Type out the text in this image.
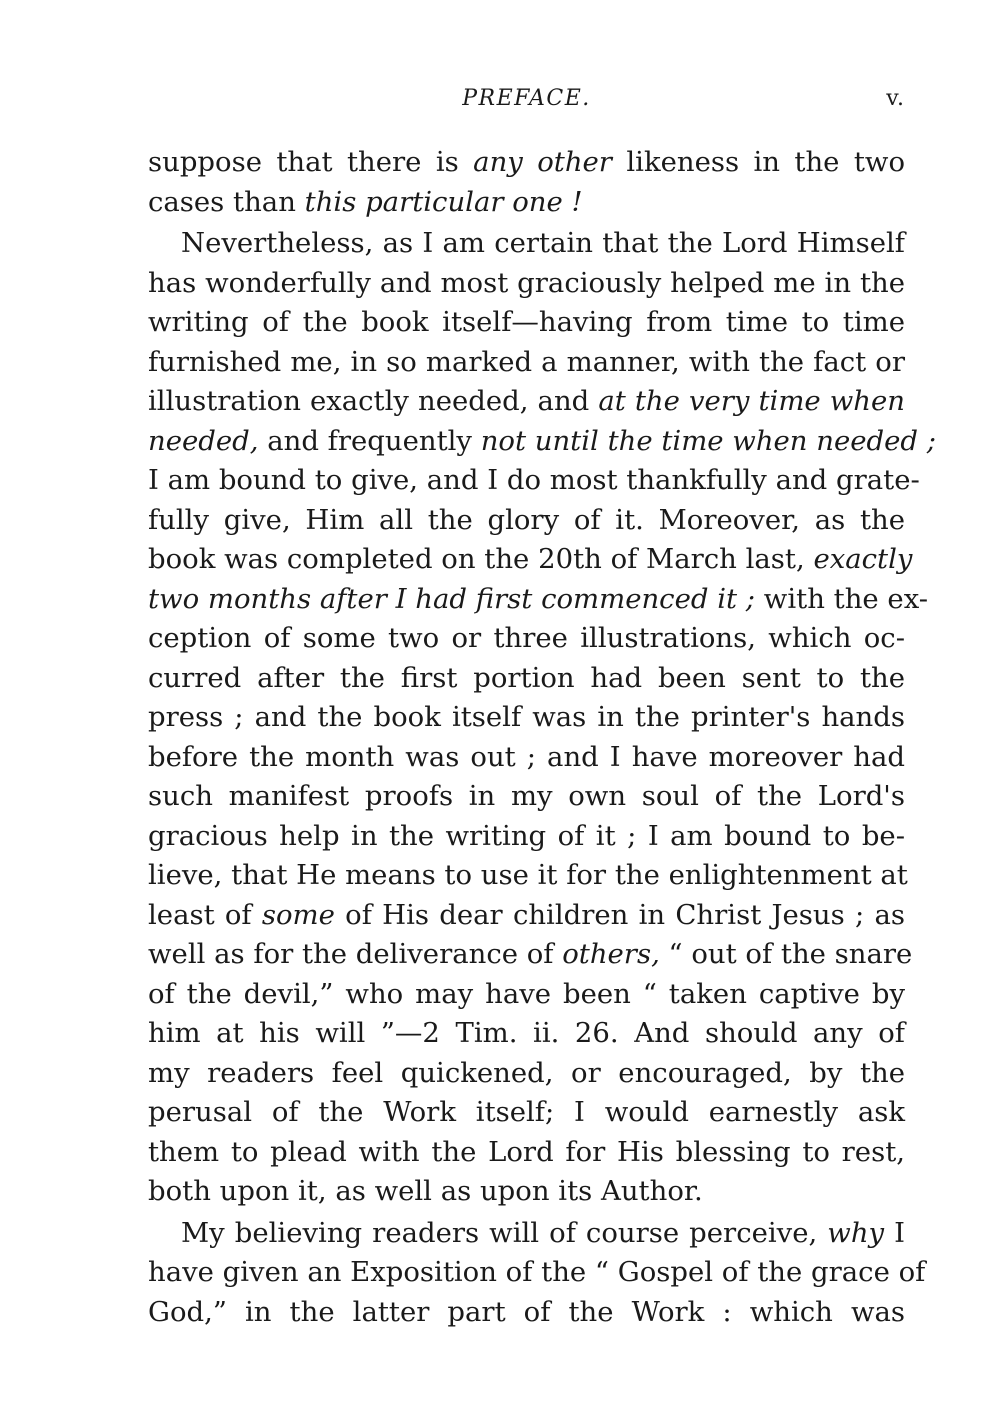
PREFACE.	v.
suppose that there is any other likeness in the two
cases than this particular one !
Nevertheless, as I am certain that the Lord Himself
has wonderfully and most graciously helped me in the
writing of the book itself—having from time to time
furnished me, in so marked a manner, with the fact or
illustration exactly needed, and at the very time when
needed, and frequently not until the time when needed ;
I am bound to give, and I do most thankfully and grate-
fully give, Him all the glory of it. Moreover, as the
book was completed on the 20th of March last, exactly
two months after I had first commenced it ; with the ex-
ception of some two or three illustrations, which oc-
curred after the first portion had been sent to the
press ; and the book itself was in the printer's hands
before the month was out ; and I have moreover had
such manifest proofs in my own soul of the Lord's
gracious help in the writing of it ; I am bound to be-
lieve, that He means to use it for the enlightenment at
least of some of His dear children in Christ Jesus ; as
well as for the deliverance of others, “ out of the snare
of the devil,” who may have been “ taken captive by
him at his will ”—2 Tim. ii. 26. And should any of
my readers feel quickened, or encouraged, by the
perusal of the Work itself; I would earnestly ask
them to plead with the Lord for His blessing to rest,
both upon it, as well as upon its Author.
My believing readers will of course perceive, why I
have given an Exposition of the “ Gospel of the grace of
God,” in the latter part of the Work : which was
